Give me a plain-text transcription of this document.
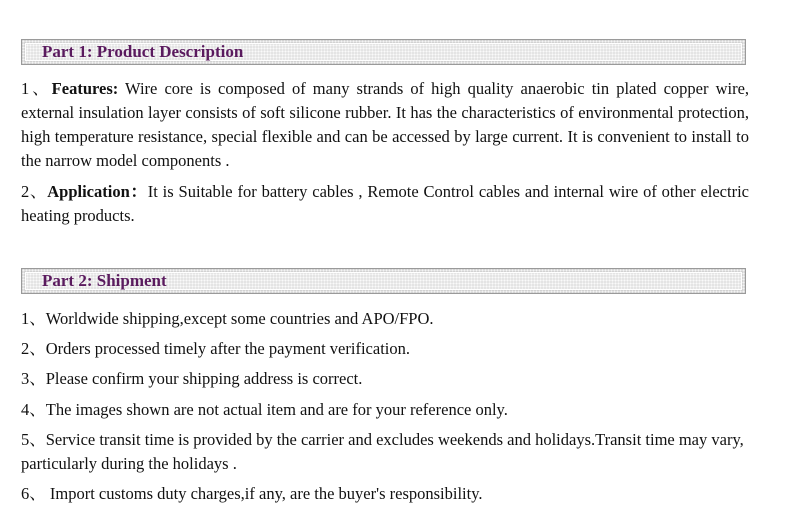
Part 1: Product Description
1、Features: Wire core is composed of many strands of high quality anaerobic tin plated copper wire, external insulation layer consists of soft silicone rubber. It has the characteristics of environmental protection, high temperature resistance, special flexible and can be accessed by large current. It is convenient to install to the narrow model components .
2、Application：It is Suitable for battery cables , Remote Control cables and internal wire of other electric heating products.
Part 2: Shipment
1、Worldwide shipping,except some countries and APO/FPO.
2、Orders processed timely after the payment verification.
3、Please confirm your shipping address is correct.
4、The images shown are not actual item and are for your reference only.
5、Service transit time is provided by the carrier and excludes weekends and holidays.Transit time may vary, particularly during the holidays .
6、 Import customs duty charges,if any, are the buyer's responsibility.
